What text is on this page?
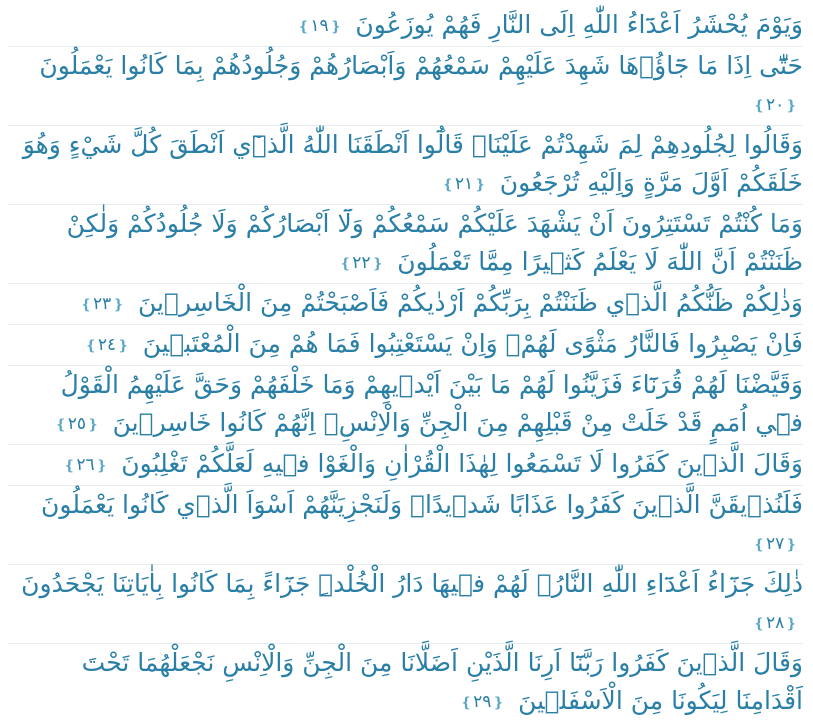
وَيَوْمَ يُحْشَرُ اَعْدَٓاءُ اللّٰهِ اِلَى النَّارِ فَهُمْ يُوزَعُونَ ❴١٩❵

حَتّٰٓى اِذَا مَا جَٓاؤُ۫هَا شَهِدَ عَلَيْهِمْ سَمْعُهُمْ وَاَبْصَارُهُمْ وَجُلُودُهُمْ بِمَا كَانُوا يَعْمَلُونَ ❴٢٠❵

وَقَالُوا لِجُلُودِهِمْ لِمَ شَهِدْتُمْ عَلَيْنَاۜ قَالُٓوا اَنْطَقَنَا اللّٰهُ الَّذ۪ٓي اَنْطَقَ كُلَّ شَيْءٍ وَهُوَ خَلَقَكُمْ اَوَّلَ مَرَّةٍ وَاِلَيْهِ تُرْجَعُونَ ❴٢١❵

وَمَا كُنْتُمْ تَسْتَتِرُونَ اَنْ يَشْهَدَ عَلَيْكُمْ سَمْعُكُمْ وَلَٓا اَبْصَارُكُمْ وَلَا جُلُودُكُمْ وَلٰكِنْ ظَنَنْتُمْ اَنَّ اللّٰهَ لَا يَعْلَمُ كَث۪يرًا مِمَّا تَعْمَلُونَ ❴٢٢❵

وَذٰلِكُمْ ظَنُّكُمُ الَّذ۪ي ظَنَنْتُمْ بِرَبِّكُمْ اَرْدٰيكُمْ فَاَصْبَحْتُمْ مِنَ الْخَاسِر۪ينَ ❴٢٣❵

فَاِنْ يَصْبِرُوا فَالنَّارُ مَثْوًى لَهُمْۚ وَاِنْ يَسْتَعْتِبُوا فَمَا هُمْ مِنَ الْمُعْتَب۪ينَ ❴٢٤❵

وَقَيَّضْنَا لَهُمْ قُرَنَٓاءَ فَزَيَّنُوا لَهُمْ مَا بَيْنَ اَيْد۪يهِمْ وَمَا خَلْفَهُمْ وَحَقَّ عَلَيْهِمُ الْقَوْلُ ف۪ٓي اُمَمٍ قَدْ خَلَتْ مِنْ قَبْلِهِمْ مِنَ الْجِنِّ وَالْاِنْسِۚ اِنَّهُمْ كَانُوا خَاسِر۪ينَ ❴٢٥❵

وَقَالَ الَّذ۪ينَ كَفَرُوا لَا تَسْمَعُوا لِهٰذَا الْقُرْاٰنِ وَالْغَوْا ف۪يهِ لَعَلَّكُمْ تَغْلِبُونَ ❴٢٦❵

فَلَنُذ۪يقَنَّ الَّذ۪ينَ كَفَرُوا عَذَابًا شَد۪يدًاۙ وَلَنَجْزِيَنَّهُمْ اَسْوَاَ الَّذ۪ي كَانُوا يَعْمَلُونَ ❴٢٧❵

ذٰلِكَ جَزَٓاءُ اَعْدَٓاءِ اللّٰهِ النَّارُۚ لَهُمْ ف۪يهَا دَارُ الْخُلْدِۜ جَزَٓاءً بِمَا كَانُوا بِاٰيَاتِنَا يَجْحَدُونَ ❴٢٨❵

وَقَالَ الَّذ۪ينَ كَفَرُوا رَبَّنَٓا اَرِنَا الَّذَيْنِ اَضَلَّانَا مِنَ الْجِنِّ وَالْاِنْسِ نَجْعَلْهُمَا تَحْتَ اَقْدَامِنَا لِيَكُونَا مِنَ الْاَسْفَل۪ينَ ❴٢٩❵
